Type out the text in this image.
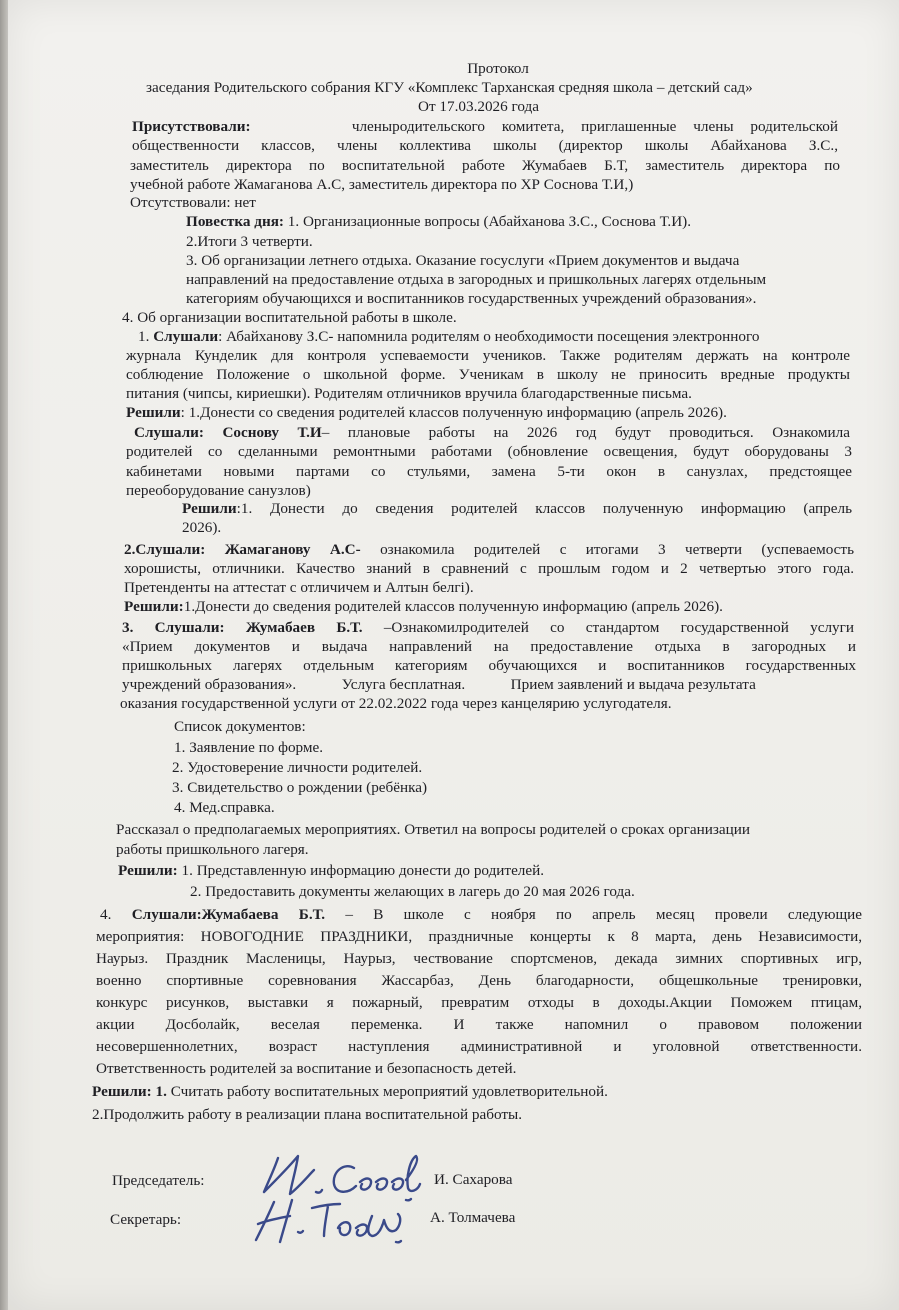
Протокол
заседания Родительского собрания КГУ «Комплекс Тарханская средняя школа – детский сад»
От 17.03.2026 года
Присутствовали:	членыродительского комитета, приглашенные члены родительской
общественности классов, члены коллектива школы (директор школы Абайханова З.С.,
заместитель директора по воспитательной работе Жумабаев Б.Т, заместитель директора по
учебной работе Жамаганова А.С, заместитель директора по ХР Соснова Т.И,)
Отсутствовали: нет
Повестка дня: 1. Организационные вопросы (Абайханова З.С., Соснова Т.И).
2.Итоги 3 четверти.
3. Об организации летнего отдыха. Оказание госуслуги «Прием документов и выдача
направлений на предоставление отдыха в загородных и пришкольных лагерях отдельным
категориям обучающихся и воспитанников государственных учреждений образования».
4. Об организации воспитательной работы в школе.
1. Слушали: Абайханову З.С- напомнила родителям о необходимости посещения электронного
журнала Кунделик для контроля успеваемости учеников. Также родителям держать на контроле
соблюдение Положение о школьной форме. Ученикам в школу не приносить вредные продукты
питания (чипсы, кириешки). Родителям отличников вручила благодарственные письма.
Решили: 1.Донести со сведения родителей классов полученную информацию (апрель 2026).
Слушали: Соснову Т.И– плановые работы на 2026 год будут проводиться. Ознакомила
родителей со сделанными ремонтными работами (обновление освещения, будут оборудованы 3
кабинетами новыми партами со стульями, замена 5-ти окон в санузлах, предстоящее
переоборудование санузлов)
Решили:1. Донести до сведения родителей классов полученную информацию (апрель
2026).
2.Слушали: Жамаганову А.С- ознакомила родителей с итогами 3 четверти (успеваемость
хорошисты, отличники. Качество знаний в сравнений с прошлым годом и 2 четвертью этого года.
Претенденты на аттестат с отличичем и Алтын белгі).
Решили:1.Донести до сведения родителей классов полученную информацию (апрель 2026).
3. Слушали: Жумабаев Б.Т. –Ознакомилродителей со стандартом государственной услуги
«Прием документов и выдача направлений на предоставление отдыха в загородных и
пришкольных лагерях отдельным категориям обучающихся и воспитанников государственных
учреждений образования».            Услуга бесплатная.            Прием заявлений и выдача результата
оказания государственной услуги от 22.02.2022 года через канцелярию услугодателя.
Список документов:
1. Заявление по форме.
2. Удостоверение личности родителей.
3. Свидетельство о рождении (ребёнка)
4. Мед.справка.
Рассказал о предполагаемых мероприятиях. Ответил на вопросы родителей о сроках организации
работы пришкольного лагеря.
Решили: 1. Представленную информацию донести до родителей.
2. Предоставить документы желающих в лагерь до 20 мая 2026 года.
4. Слушали:Жумабаева Б.Т. – В школе с ноября по апрель месяц провели следующие
мероприятия: НОВОГОДНИЕ ПРАЗДНИКИ, праздничные концерты к 8 марта, день Независимости,
Наурыз. Праздник Масленицы, Наурыз, чествование спортсменов, декада зимних спортивных игр,
военно спортивные соревнования Жассарбаз, День благодарности, общешкольные тренировки,
конкурс рисунков, выставки я пожарный, превратим отходы в доходы.Акции Поможем птицам,
акции Досболайк, веселая переменка. И также напомнил о правовом положении
несовершеннолетних, возраст наступления административной и уголовной ответственности.
Ответственность родителей за воспитание и безопасность детей.
Решили: 1. Считать работу воспитательных мероприятий удовлетворительной.
2.Продолжить работу в реализации плана воспитательной работы.
Председатель:	И. Сахарова
Секретарь:	А. Толмачева
